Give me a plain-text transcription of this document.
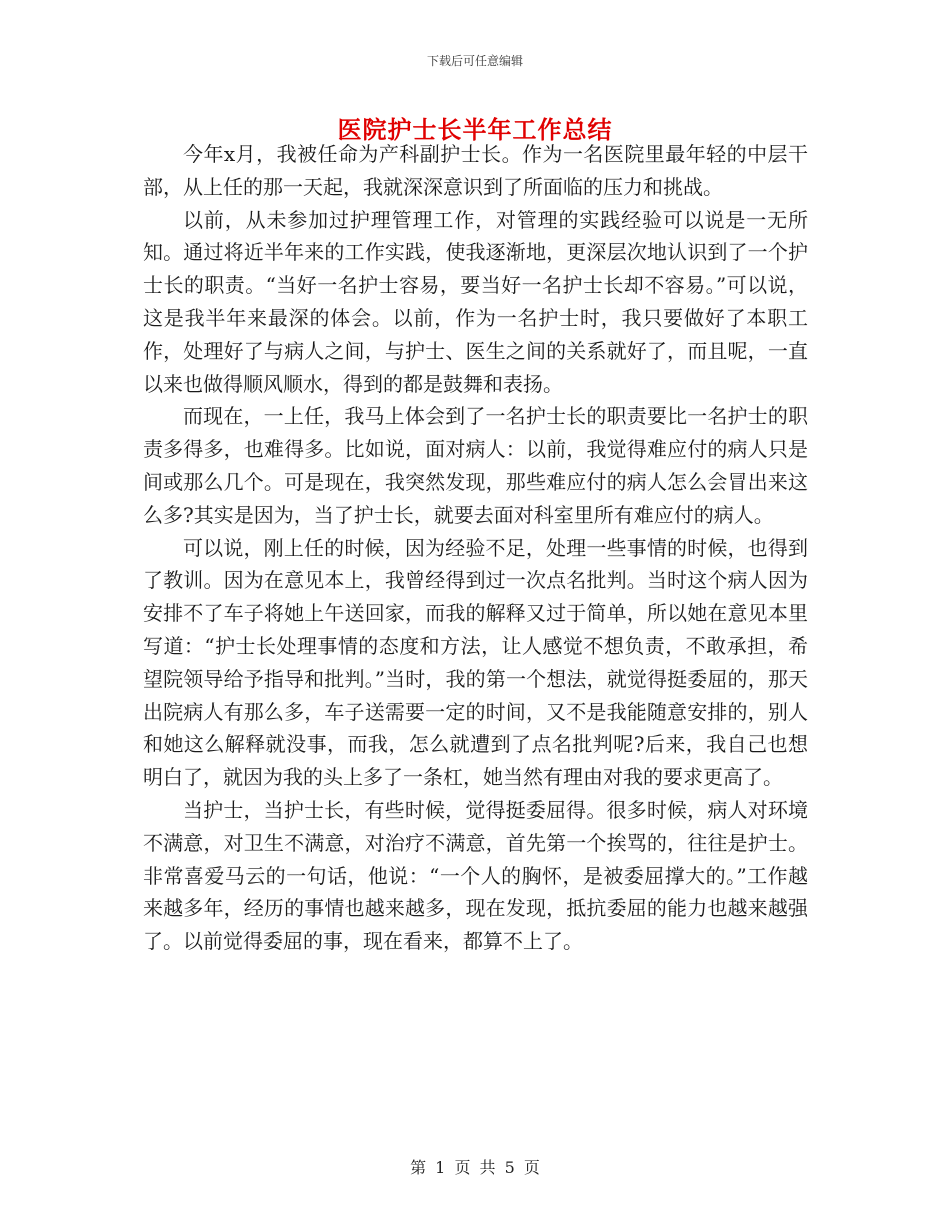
下载后可任意编辑
医院护士长半年工作总结

今年x月，我被任命为产科副护士长。作为一名医院里最年轻的中层干部，从上任的那一天起，我就深深意识到了所面临的压力和挑战。

以前，从未参加过护理管理工作，对管理的实践经验可以说是一无所知。通过将近半年来的工作实践，使我逐渐地，更深层次地认识到了一个护士长的职责。“当好一名护士容易，要当好一名护士长却不容易。”可以说，这是我半年来最深的体会。以前，作为一名护士时，我只要做好了本职工作，处理好了与病人之间，与护士、医生之间的关系就好了，而且呢，一直以来也做得顺风顺水，得到的都是鼓舞和表扬。

而现在，一上任，我马上体会到了一名护士长的职责要比一名护士的职责多得多，也难得多。比如说，面对病人：以前，我觉得难应付的病人只是间或那么几个。可是现在，我突然发现，那些难应付的病人怎么会冒出来这么多?其实是因为，当了护士长，就要去面对科室里所有难应付的病人。

可以说，刚上任的时候，因为经验不足，处理一些事情的时候，也得到了教训。因为在意见本上，我曾经得到过一次点名批判。当时这个病人因为安排不了车子将她上午送回家，而我的解释又过于简单，所以她在意见本里写道：“护士长处理事情的态度和方法，让人感觉不想负责，不敢承担，希望院领导给予指导和批判。”当时，我的第一个想法，就觉得挺委屈的，那天出院病人有那么多，车子送需要一定的时间，又不是我能随意安排的，别人和她这么解释就没事，而我，怎么就遭到了点名批判呢?后来，我自己也想明白了，就因为我的头上多了一条杠，她当然有理由对我的要求更高了。

当护士，当护士长，有些时候，觉得挺委屈得。很多时候，病人对环境不满意，对卫生不满意，对治疗不满意，首先第一个挨骂的，往往是护士。非常喜爱马云的一句话，他说：“一个人的胸怀，是被委屈撑大的。”工作越来越多年，经历的事情也越来越多，现在发现，抵抗委屈的能力也越来越强了。以前觉得委屈的事，现在看来，都算不上了。

第 1 页 共 5 页
